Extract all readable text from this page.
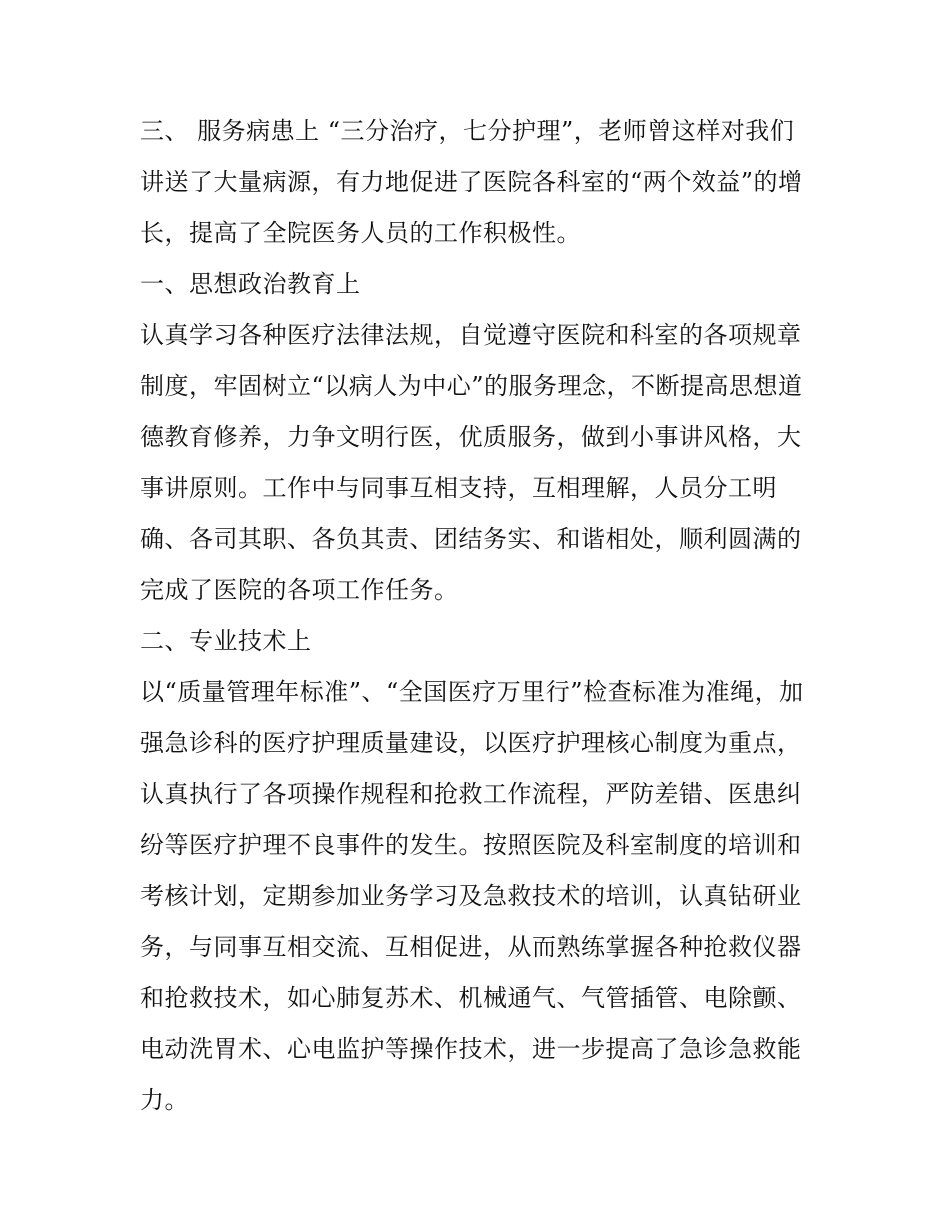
三、 服务病患上 “三分治疗，七分护理”，老师曾这样对我们
讲送了大量病源，有力地促进了医院各科室的“两个效益”的增
长，提高了全院医务人员的工作积极性。
一、思想政治教育上
认真学习各种医疗法律法规，自觉遵守医院和科室的各项规章
制度，牢固树立“以病人为中心”的服务理念，不断提高思想道
德教育修养，力争文明行医，优质服务，做到小事讲风格，大
事讲原则。工作中与同事互相支持，互相理解，人员分工明
确、各司其职、各负其责、团结务实、和谐相处，顺利圆满的
完成了医院的各项工作任务。
二、专业技术上
以“质量管理年标准”、“全国医疗万里行”检查标准为准绳，加
强急诊科的医疗护理质量建设，以医疗护理核心制度为重点，
认真执行了各项操作规程和抢救工作流程，严防差错、医患纠
纷等医疗护理不良事件的发生。按照医院及科室制度的培训和
考核计划，定期参加业务学习及急救技术的培训，认真钻研业
务，与同事互相交流、互相促进，从而熟练掌握各种抢救仪器
和抢救技术，如心肺复苏术、机械通气、气管插管、电除颤、
电动洗胃术、心电监护等操作技术，进一步提高了急诊急救能
力。
